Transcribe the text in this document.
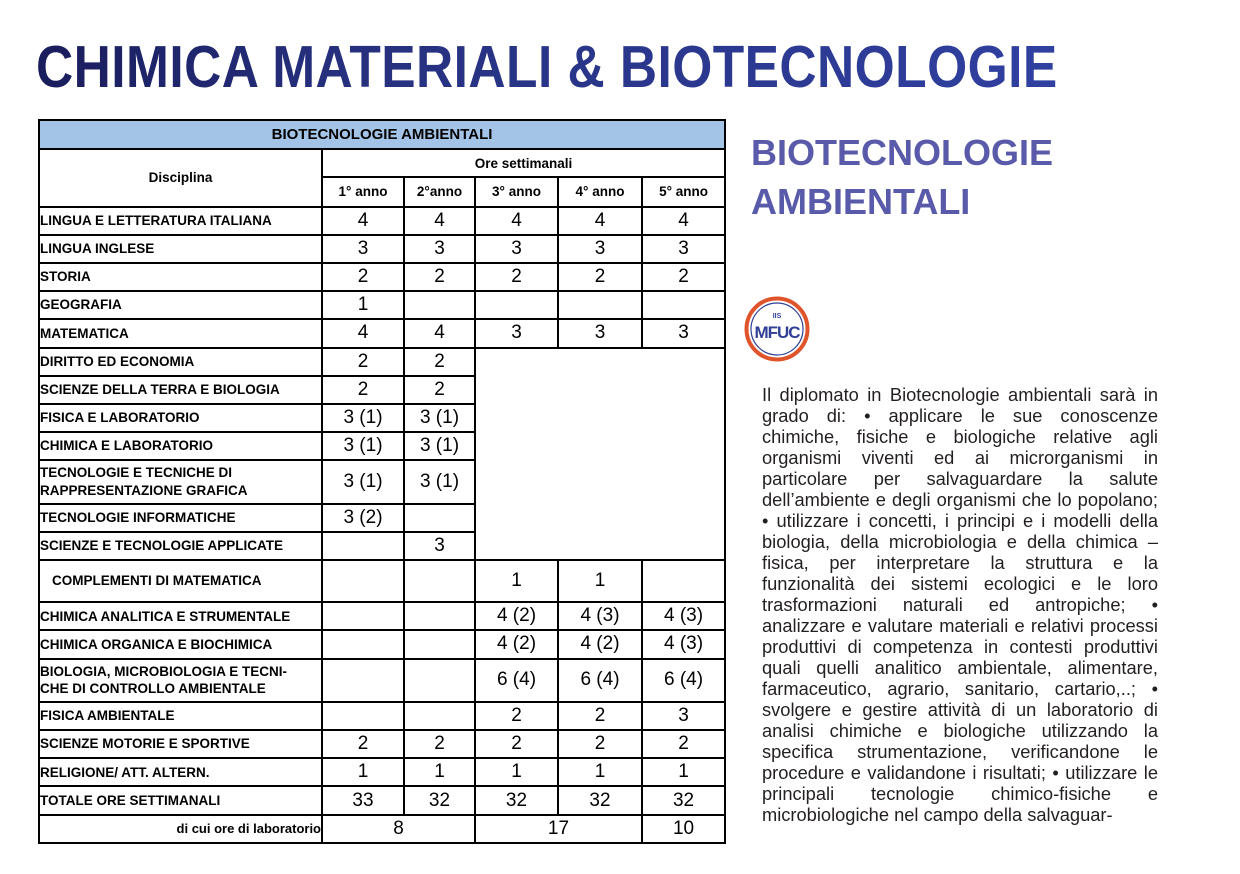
CHIMICA MATERIALI & BIOTECNOLOGIE
BIOTECNOLOGIE AMBIENTALI					
Disciplina	Ore settimanali				
	1° anno	2°anno	3° anno	4° anno	5° anno
LINGUA E LETTERATURA ITALIANA	4	4	4	4	4
LINGUA INGLESE	3	3	3	3	3
STORIA	2	2	2	2	2
GEOGRAFIA	1				
MATEMATICA	4	4	3	3	3
DIRITTO ED ECONOMIA	2	2			
SCIENZE DELLA TERRA E BIOLOGIA	2	2			
FISICA E LABORATORIO	3 (1)	3 (1)			
CHIMICA E LABORATORIO	3 (1)	3 (1)			
TECNOLOGIE E TECNICHE DI
RAPPRESENTAZIONE GRAFICA	3 (1)	3 (1)			
TECNOLOGIE INFORMATICHE	3 (2)				
SCIENZE E TECNOLOGIE APPLICATE		3			
COMPLEMENTI DI MATEMATICA			1	1	
CHIMICA ANALITICA E STRUMENTALE			4 (2)	4 (3)	4 (3)
CHIMICA ORGANICA E BIOCHIMICA			4 (2)	4 (2)	4 (3)
BIOLOGIA, MICROBIOLOGIA E TECNI-
CHE DI CONTROLLO AMBIENTALE			6 (4)	6 (4)	6 (4)
FISICA AMBIENTALE			2	2	3
SCIENZE MOTORIE E SPORTIVE	2	2	2	2	2
RELIGIONE/ ATT. ALTERN.	1	1	1	1	1
TOTALE ORE SETTIMANALI	33	32	32	32	32
di cui ore di laboratorio	8		17		10
BIOTECNOLOGIE
AMBIENTALI
IIS
MFUC

Il diplomato in Biotecnologie ambientali sarà in grado di: • applicare le sue conoscenze chimiche, fisiche e biologiche relative agli organismi viventi ed ai microrganismi in particolare per salvaguardare la salute dell’ambiente e degli organismi che lo popolano; • utilizzare i concetti, i principi e i modelli della biologia, della microbiologia e della chimica – fisica, per interpretare la struttura e la funzionalità dei sistemi ecologici e le loro trasformazioni naturali ed antropiche; • analizzare e valutare materiali e relativi processi produttivi di competenza in contesti produttivi quali quelli analitico ambientale, alimentare, farmaceutico, agrario, sanitario, cartario,..; • svolgere e gestire attività di un laboratorio di analisi chimiche e biologiche utilizzando la specifica strumentazione, verificandone le procedure e validandone i risultati; • utilizzare le principali tecnologie chimico-fisiche e microbiologiche nel campo della salvaguar-
